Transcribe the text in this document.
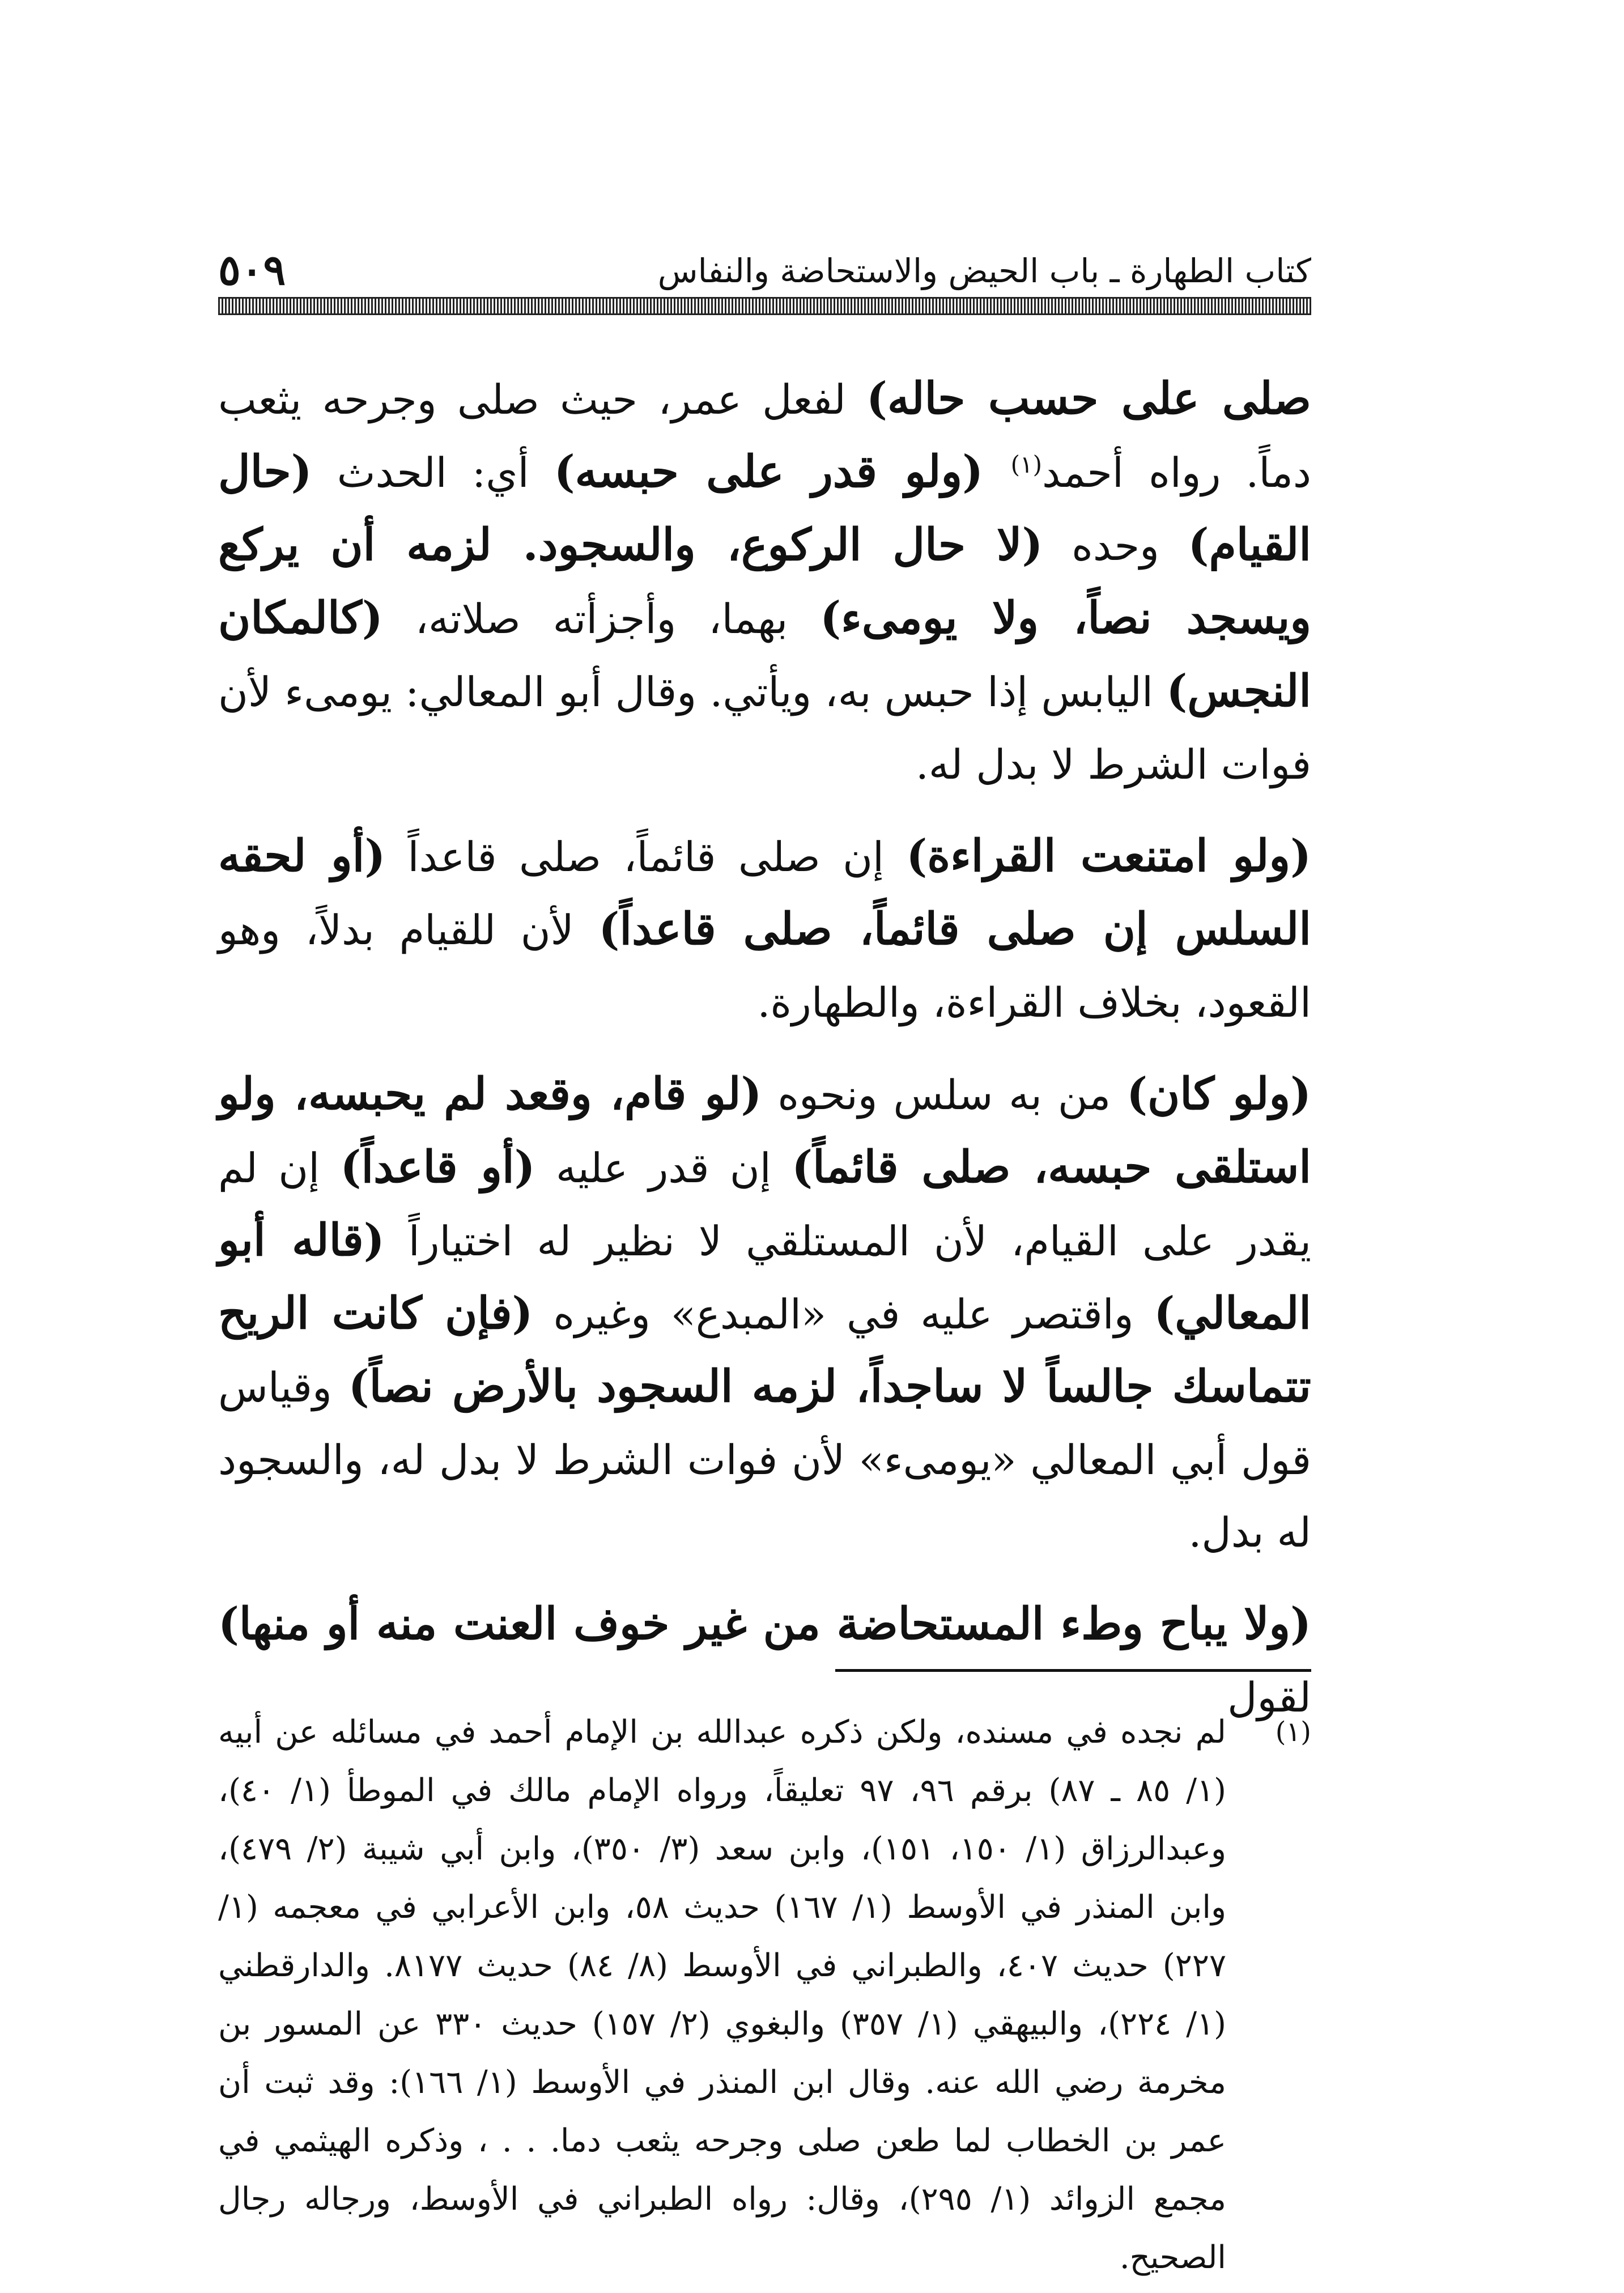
كتاب الطهارة ـ باب الحيض والاستحاضة والنفاس
٥٠٩

صلى على حسب حاله) لفعل عمر، حيث صلى وجرحه يثعب دماً. رواه أحمد$^{(١)}$ (ولو قدر على حبسه) أي: الحدث (حال القيام) وحده (لا حال الركوع، والسجود. لزمه أن يركع ويسجد نصاً، ولا يومىء) بهما، وأجزأته صلاته، (كالمكان النجس) اليابس إذا حبس به، ويأتي. وقال أبو المعالي: يومىء لأن فوات الشرط لا بدل له.

(ولو امتنعت القراءة) إن صلى قائماً، صلى قاعداً (أو لحقه السلس إن صلى قائماً، صلى قاعداً) لأن للقيام بدلاً، وهو القعود، بخلاف القراءة، والطهارة.

(ولو كان) من به سلس ونحوه (لو قام، وقعد لم يحبسه، ولو استلقى حبسه، صلى قائماً) إن قدر عليه (أو قاعداً) إن لم يقدر على القيام، لأن المستلقي لا نظير له اختياراً (قاله أبو المعالي) واقتصر عليه في «المبدع» وغيره (فإن كانت الريح تتماسك جالساً لا ساجداً، لزمه السجود بالأرض نصاً) وقياس قول أبي المعالي «يومىء» لأن فوات الشرط لا بدل له، والسجود له بدل.

(ولا يباح وطء المستحاضة من غير خوف العنت منه أو منها) لقول

(١)
لم نجده في مسنده، ولكن ذكره عبدالله بن الإمام أحمد في مسائله عن أبيه (١/ ٨٥ ـ ٨٧) برقم ٩٦، ٩٧ تعليقاً، ورواه الإمام مالك في الموطأ (١/ ٤٠)، وعبدالرزاق (١/ ١٥٠، ١٥١)، وابن سعد (٣/ ٣٥٠)، وابن أبي شيبة (٢/ ٤٧٩)، وابن المنذر في الأوسط (١/ ١٦٧) حديث ٥٨، وابن الأعرابي في معجمه (١/ ٢٢٧) حديث ٤٠٧، والطبراني في الأوسط (٨/ ٨٤) حديث ٨١٧٧. والدارقطني (١/ ٢٢٤)، والبيهقي (١/ ٣٥٧) والبغوي (٢/ ١٥٧) حديث ٣٣٠ عن المسور بن مخرمة رضي الله عنه. وقال ابن المنذر في الأوسط (١/ ١٦٦): وقد ثبت أن عمر بن الخطاب لما طعن صلى وجرحه يثعب دما. . . ، وذكره الهيثمي في مجمع الزوائد (١/ ٢٩٥)، وقال: رواه الطبراني في الأوسط، ورجاله رجال الصحيح.
